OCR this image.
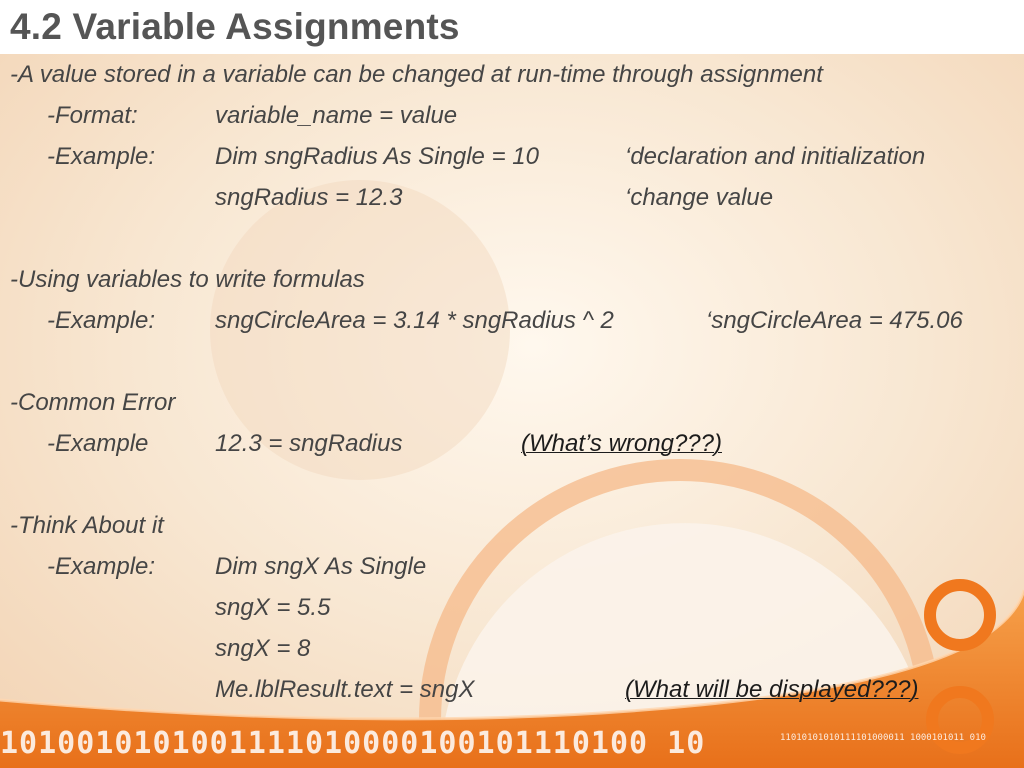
1010010101001111010000100101110100 10	11010101010111101000011 1000101011 010
4.2 Variable Assignments
-A value stored in a variable can be changed at run-time through assignment
-Format:	variable_name = value
-Example: Dim sngRadius As Single = 10	‘declaration and initialization
sngRadius = 12.3	‘change value
-Using variables to write formulas
-Example: sngCircleArea = 3.14 * sngRadius ^ 2	‘sngCircleArea = 475.06
-Common Error
-Example	12.3 = sngRadius	(What’s wrong???)
-Think About it
-Example: Dim sngX As Single
sngX = 5.5
sngX = 8
Me.lblResult.text = sngX	(What will be displayed???)
